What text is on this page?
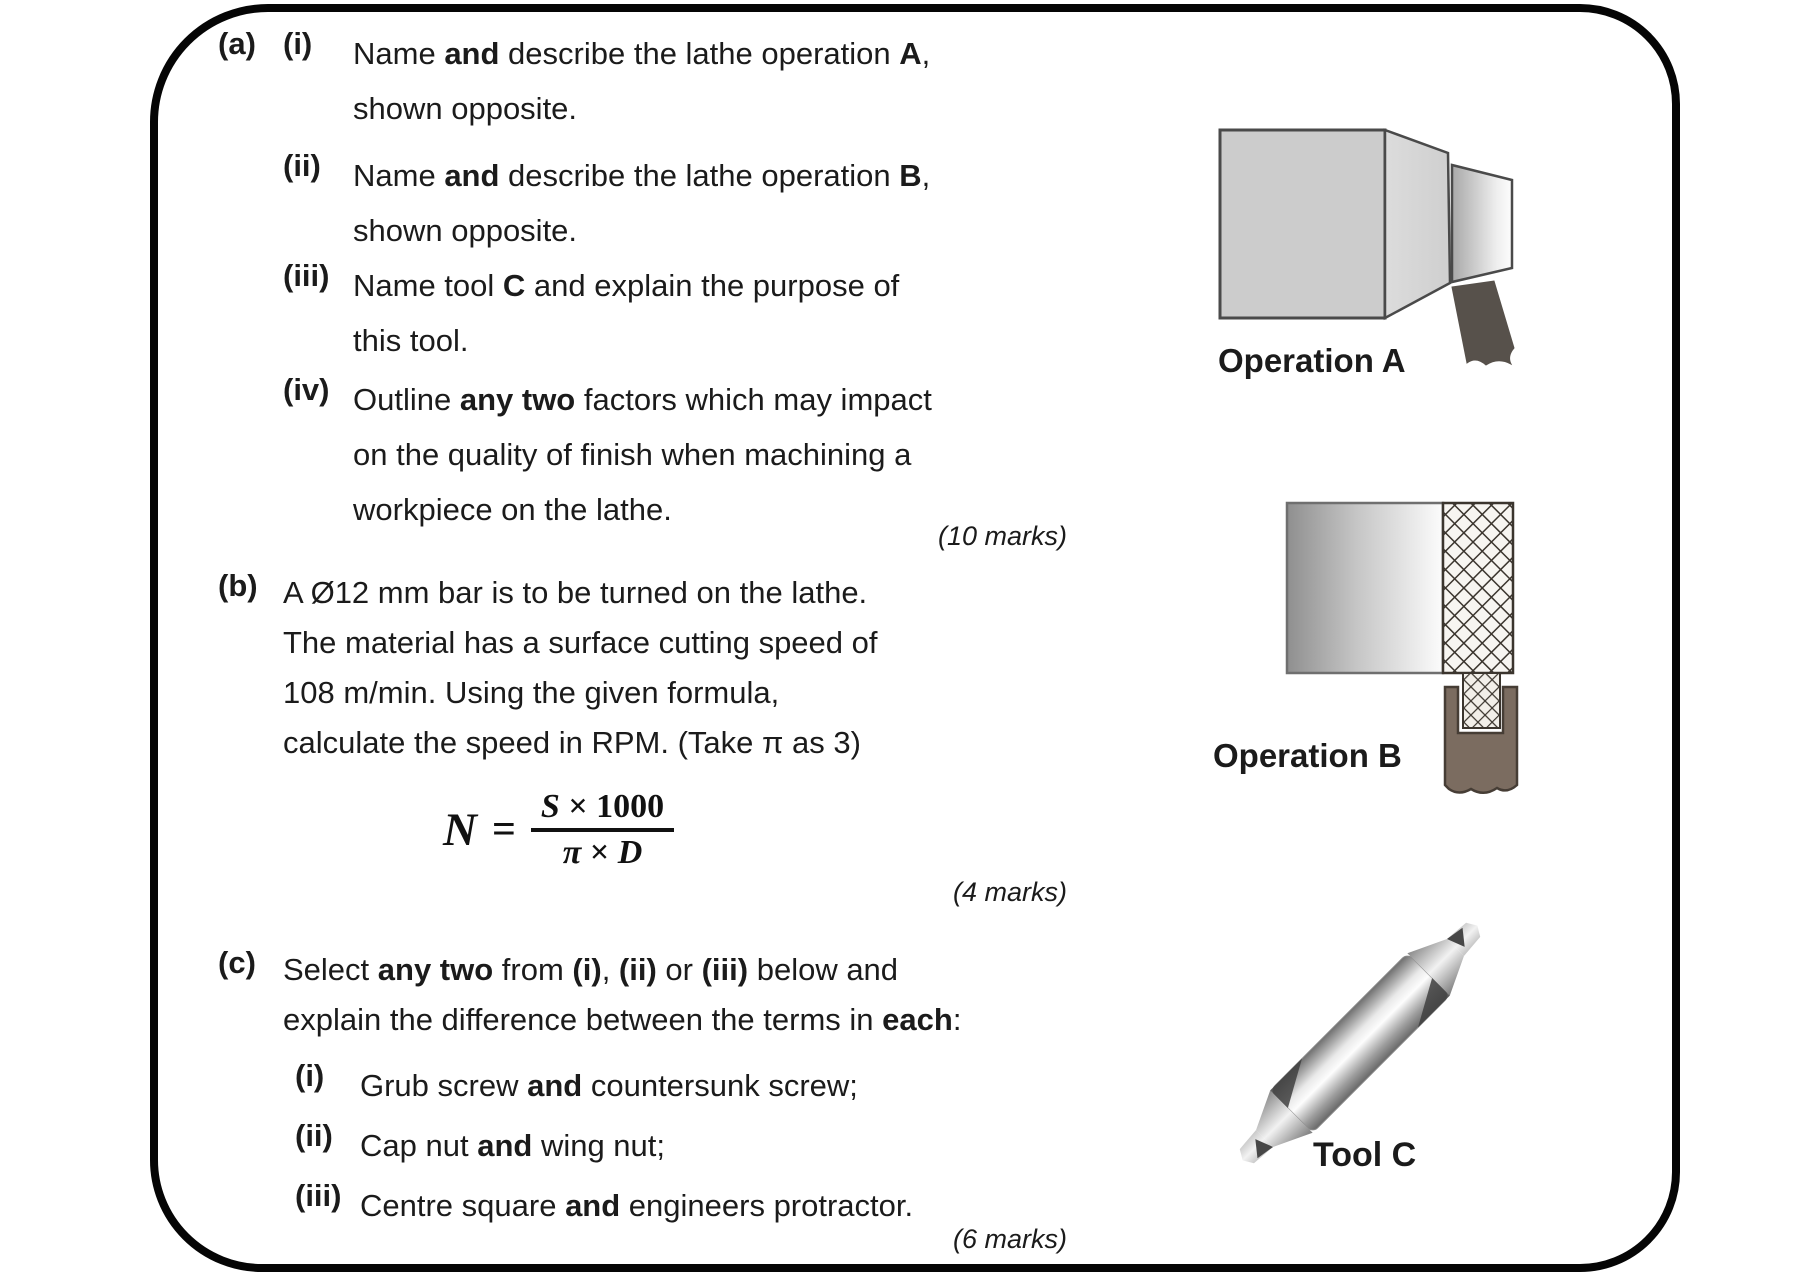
(a) (i) Name and describe the lathe operation A,
shown opposite.
(ii) Name and describe the lathe operation B,
shown opposite.
(iii) Name tool C and explain the purpose of
this tool.
(iv) Outline any two factors which may impact
on the quality of finish when machining a
workpiece on the lathe.
(10 marks)
(b) A Ø12 mm bar is to be turned on the lathe.
The material has a surface cutting speed of
108 m/min. Using the given formula,
calculate the speed in RPM. (Take π as 3)
$N = \frac{S \times 1000}{\pi \times D}$
(4 marks)
(c) Select any two from (i), (ii) or (iii) below and
explain the difference between the terms in each:
(i) Grub screw and countersunk screw;
(ii) Cap nut and wing nut;
(iii) Centre square and engineers protractor.
(6 marks)
Operation A
Operation B
Tool C
